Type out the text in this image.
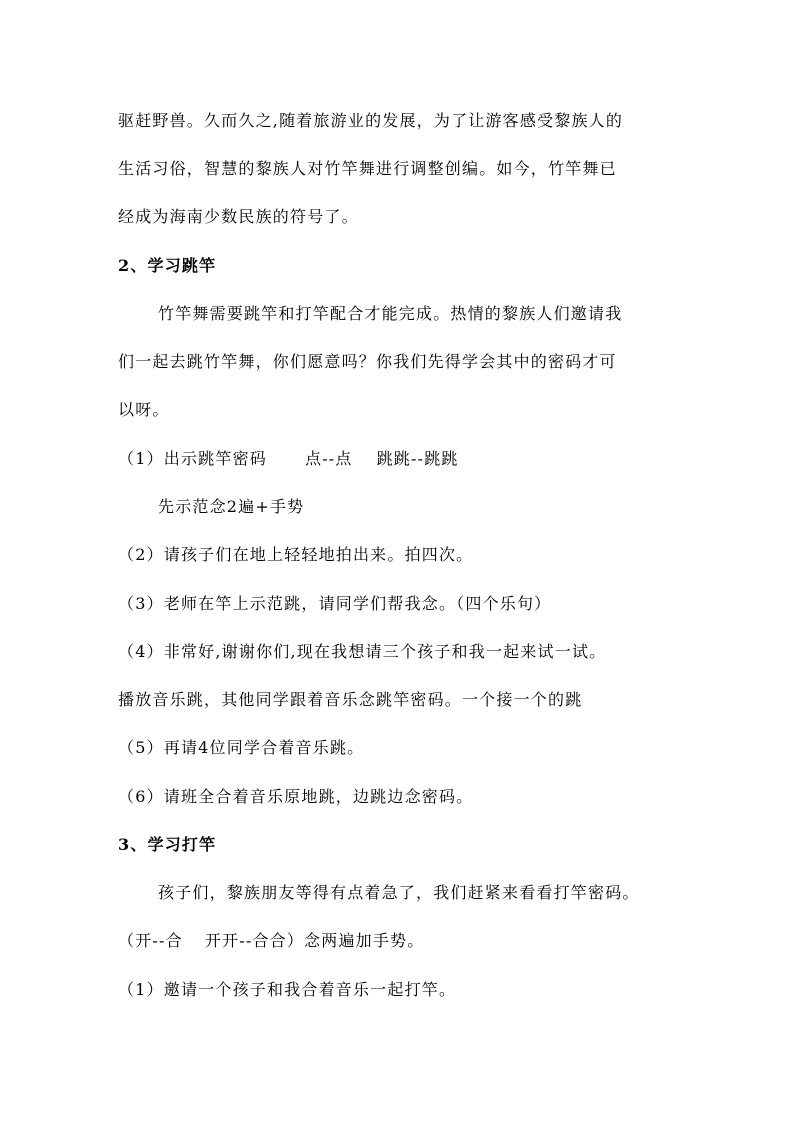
驱赶野兽。久而久之,随着旅游业的发展，为了让游客感受黎族人的
生活习俗，智慧的黎族人对竹竿舞进行调整创编。如今，竹竿舞已
经成为海南少数民族的符号了。
2、学习跳竿
竹竿舞需要跳竿和打竿配合才能完成。热情的黎族人们邀请我
们一起去跳竹竿舞，你们愿意吗？你我们先得学会其中的密码才可
以呀。
（1）出示跳竿密码 点--点 跳跳--跳跳
先示范念2遍+手势
（2）请孩子们在地上轻轻地拍出来。拍四次。
（3）老师在竿上示范跳，请同学们帮我念。（四个乐句）
（4）非常好,谢谢你们,现在我想请三个孩子和我一起来试一试。
播放音乐跳，其他同学跟着音乐念跳竿密码。一个接一个的跳
（5）再请4位同学合着音乐跳。
（6）请班全合着音乐原地跳，边跳边念密码。
3、学习打竿
孩子们，黎族朋友等得有点着急了，我们赶紧来看看打竿密码。
（开--合 开开--合合）念两遍加手势。
（1）邀请一个孩子和我合着音乐一起打竿。
